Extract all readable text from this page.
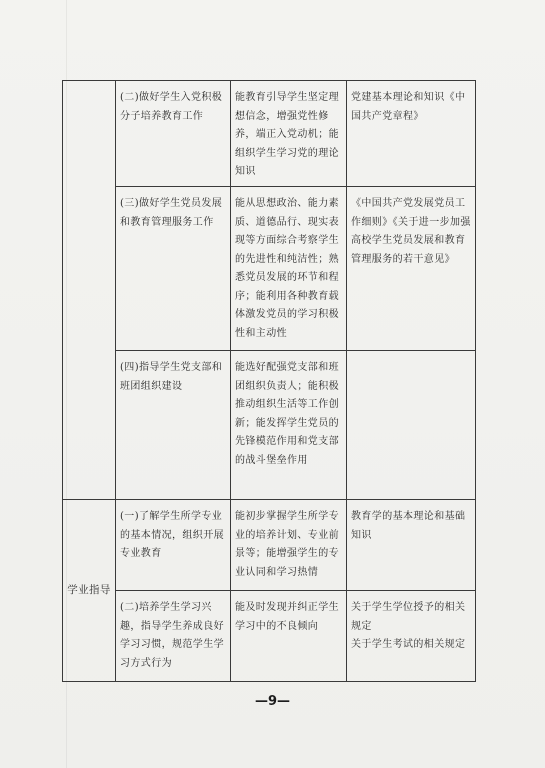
	(二)做好学生入党积极分子培养教育工作	能教育引导学生坚定理想信念，增强党性修养，端正入党动机；能组织学生学习党的理论知识	党建基本理论和知识《中国共产党章程》
	(三)做好学生党员发展和教育管理服务工作	能从思想政治、能力素质、道德品行、现实表现等方面综合考察学生的先进性和纯洁性；熟悉党员发展的环节和程序；能利用各种教育载体激发党员的学习积极性和主动性	《中国共产党发展党员工作细则》《关于进一步加强高校学生党员发展和教育管理服务的若干意见》
	(四)指导学生党支部和班团组织建设	能选好配强党支部和班团组织负责人；能积极推动组织生活等工作创新；能发挥学生党员的先锋模范作用和党支部的战斗堡垒作用	
学业指导	(一)了解学生所学专业的基本情况，组织开展专业教育	能初步掌握学生所学专业的培养计划、专业前景等；能增强学生的专业认同和学习热情	教育学的基本理论和基础知识
	(二)培养学生学习兴趣，指导学生养成良好学习习惯，规范学生学习方式行为	能及时发现并纠正学生学习中的不良倾向	关于学生学位授予的相关规定
关于学生考试的相关规定
—9—
